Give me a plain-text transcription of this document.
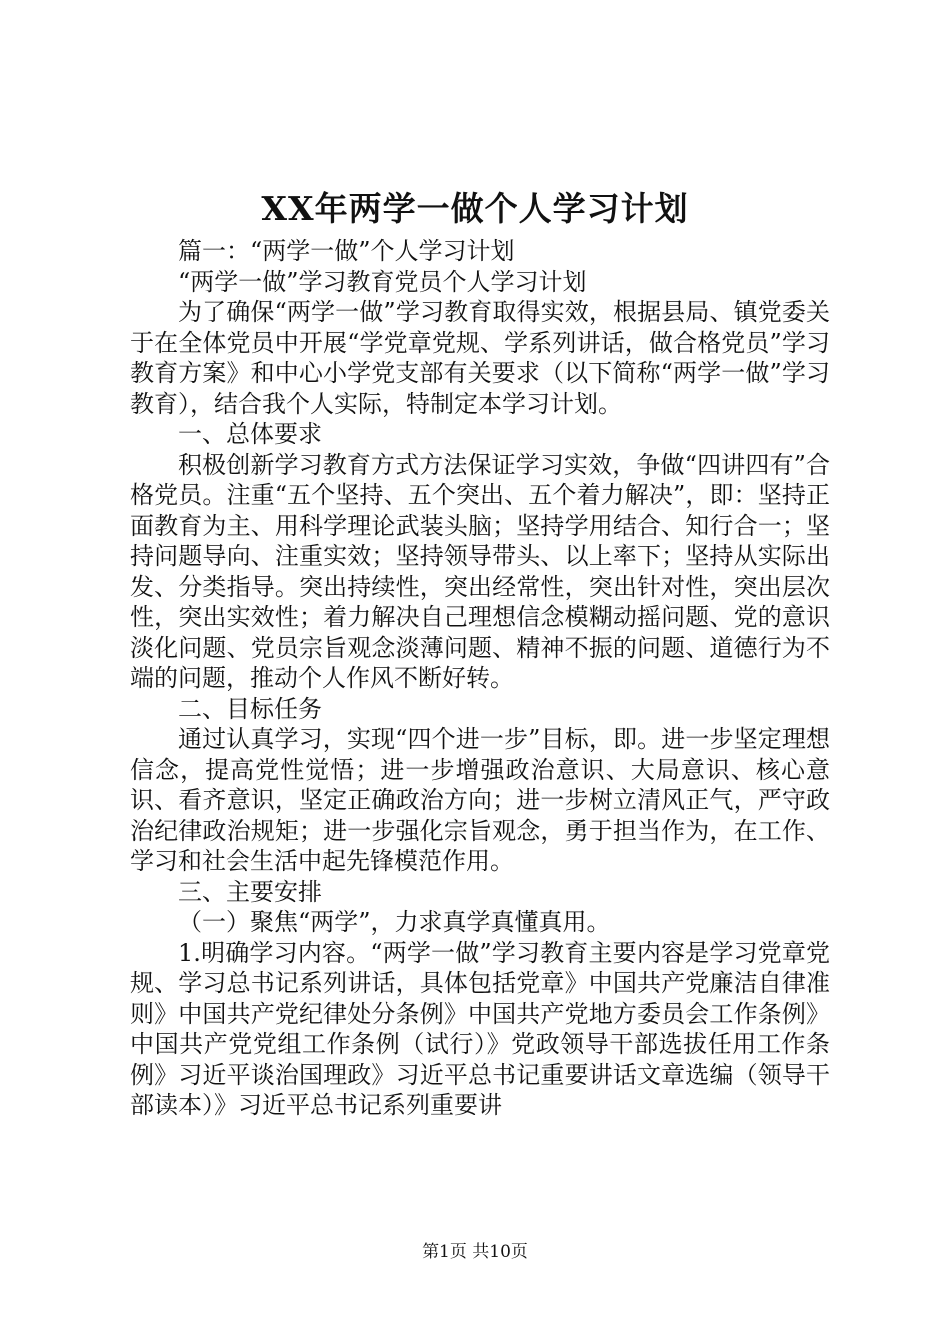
XX年两学一做个人学习计划

篇一：“两学一做”个人学习计划

“两学一做”学习教育党员个人学习计划

为了确保“两学一做”学习教育取得实效，根据县局、镇党委关于在全体党员中开展“学党章党规、学系列讲话，做合格党员”学习教育方案》和中心小学党支部有关要求（以下简称“两学一做”学习教育），结合我个人实际，特制定本学习计划。

一、总体要求

积极创新学习教育方式方法保证学习实效，争做“四讲四有”合格党员。注重“五个坚持、五个突出、五个着力解决”，即：坚持正面教育为主、用科学理论武装头脑；坚持学用结合、知行合一；坚持问题导向、注重实效；坚持领导带头、以上率下；坚持从实际出发、分类指导。突出持续性，突出经常性，突出针对性，突出层次性，突出实效性；着力解决自己理想信念模糊动摇问题、党的意识淡化问题、党员宗旨观念淡薄问题、精神不振的问题、道德行为不端的问题，推动个人作风不断好转。

二、目标任务

通过认真学习，实现“四个进一步”目标，即。进一步坚定理想信念，提高党性觉悟；进一步增强政治意识、大局意识、核心意识、看齐意识，坚定正确政治方向；进一步树立清风正气，严守政治纪律政治规矩；进一步强化宗旨观念，勇于担当作为，在工作、学习和社会生活中起先锋模范作用。

三、主要安排

（一）聚焦“两学”，力求真学真懂真用。

1.明确学习内容。“两学一做”学习教育主要内容是学习党章党规、学习总书记系列讲话，具体包括党章》中国共产党廉洁自律准则》中国共产党纪律处分条例》中国共产党地方委员会工作条例》中国共产党党组工作条例（试行）》党政领导干部选拔任用工作条例》习近平谈治国理政》习近平总书记重要讲话文章选编（领导干部读本）》习近平总书记系列重要讲

第1页 共10页
